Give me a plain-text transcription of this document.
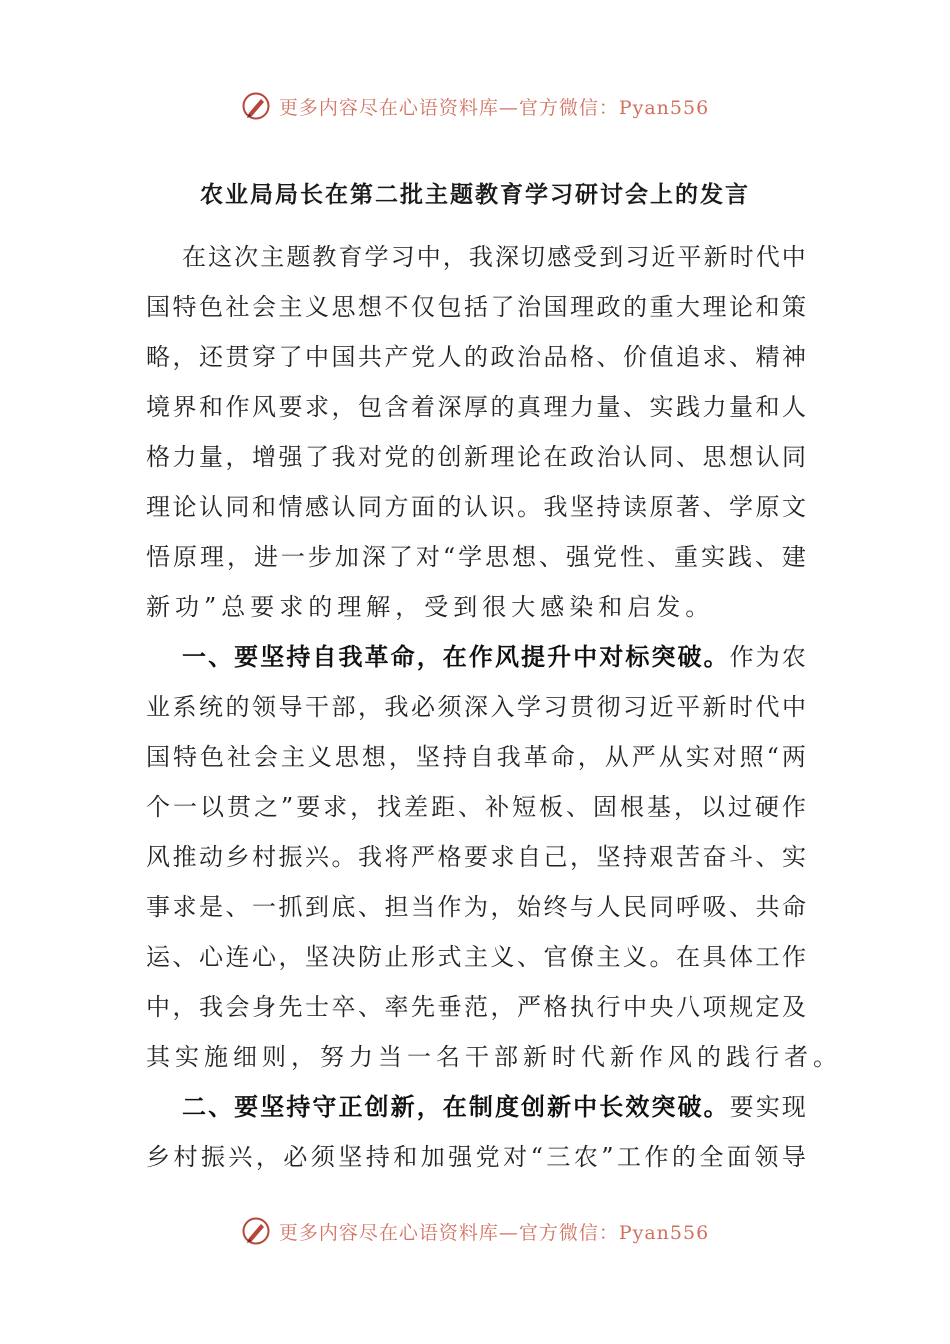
更多内容尽在心语资料库—官方微信：Pyan556
农业局局长在第二批主题教育学习研讨会上的发言
在 这 次 主 题 教 育 学 习 中 ， 我 深 切 感 受 到 习 近 平 新 时 代 中
国 特 色 社 会 主 义 思 想 不 仅 包 括 了 治 国 理 政 的 重 大 理 论 和 策
略 ， 还 贯 穿 了 中 国 共 产 党 人 的 政 治 品 格 、 价 值 追 求 、 精 神
境 界 和 作 风 要 求 ， 包 含 着 深 厚 的 真 理 力 量 、 实 践 力 量 和 人
格 力 量 ， 增 强 了 我 对 党 的 创 新 理 论 在 政 治 认 同 、 思 想 认 同
理 论 认 同 和 情 感 认 同 方 面 的 认 识 。 我 坚 持 读 原 著 、 学 原 文
悟 原 理 ， 进 一 步 加 深 了 对 “ 学 思 想 、 强 党 性 、 重 实 践 、 建
新 功 ” 总 要 求 的 理 解 ， 受 到 很 大 感 染 和 启 发 。
一 、 要 坚 持 自 我 革 命 ， 在 作 风 提 升 中 对 标 突 破 。 作 为 农
业 系 统 的 领 导 干 部 ， 我 必 须 深 入 学 习 贯 彻 习 近 平 新 时 代 中
国 特 色 社 会 主 义 思 想 ， 坚 持 自 我 革 命 ， 从 严 从 实 对 照 “ 两
个 一 以 贯 之 ” 要 求 ， 找 差 距 、 补 短 板 、 固 根 基 ， 以 过 硬 作
风 推 动 乡 村 振 兴 。 我 将 严 格 要 求 自 己 ， 坚 持 艰 苦 奋 斗 、 实
事 求 是 、 一 抓 到 底 、 担 当 作 为 ， 始 终 与 人 民 同 呼 吸 、 共 命
运 、 心 连 心 ， 坚 决 防 止 形 式 主 义 、 官 僚 主 义 。 在 具 体 工 作
中 ， 我 会 身 先 士 卒 、 率 先 垂 范 ， 严 格 执 行 中 央 八 项 规 定 及
其 实 施 细 则 ， 努 力 当 一 名 干 部 新 时 代 新 作 风 的 践 行 者 。
二 、 要 坚 持 守 正 创 新 ， 在 制 度 创 新 中 长 效 突 破 。 要 实 现
乡 村 振 兴 ， 必 须 坚 持 和 加 强 党 对 “ 三 农 ” 工 作 的 全 面 领 导
更多内容尽在心语资料库—官方微信：Pyan556
